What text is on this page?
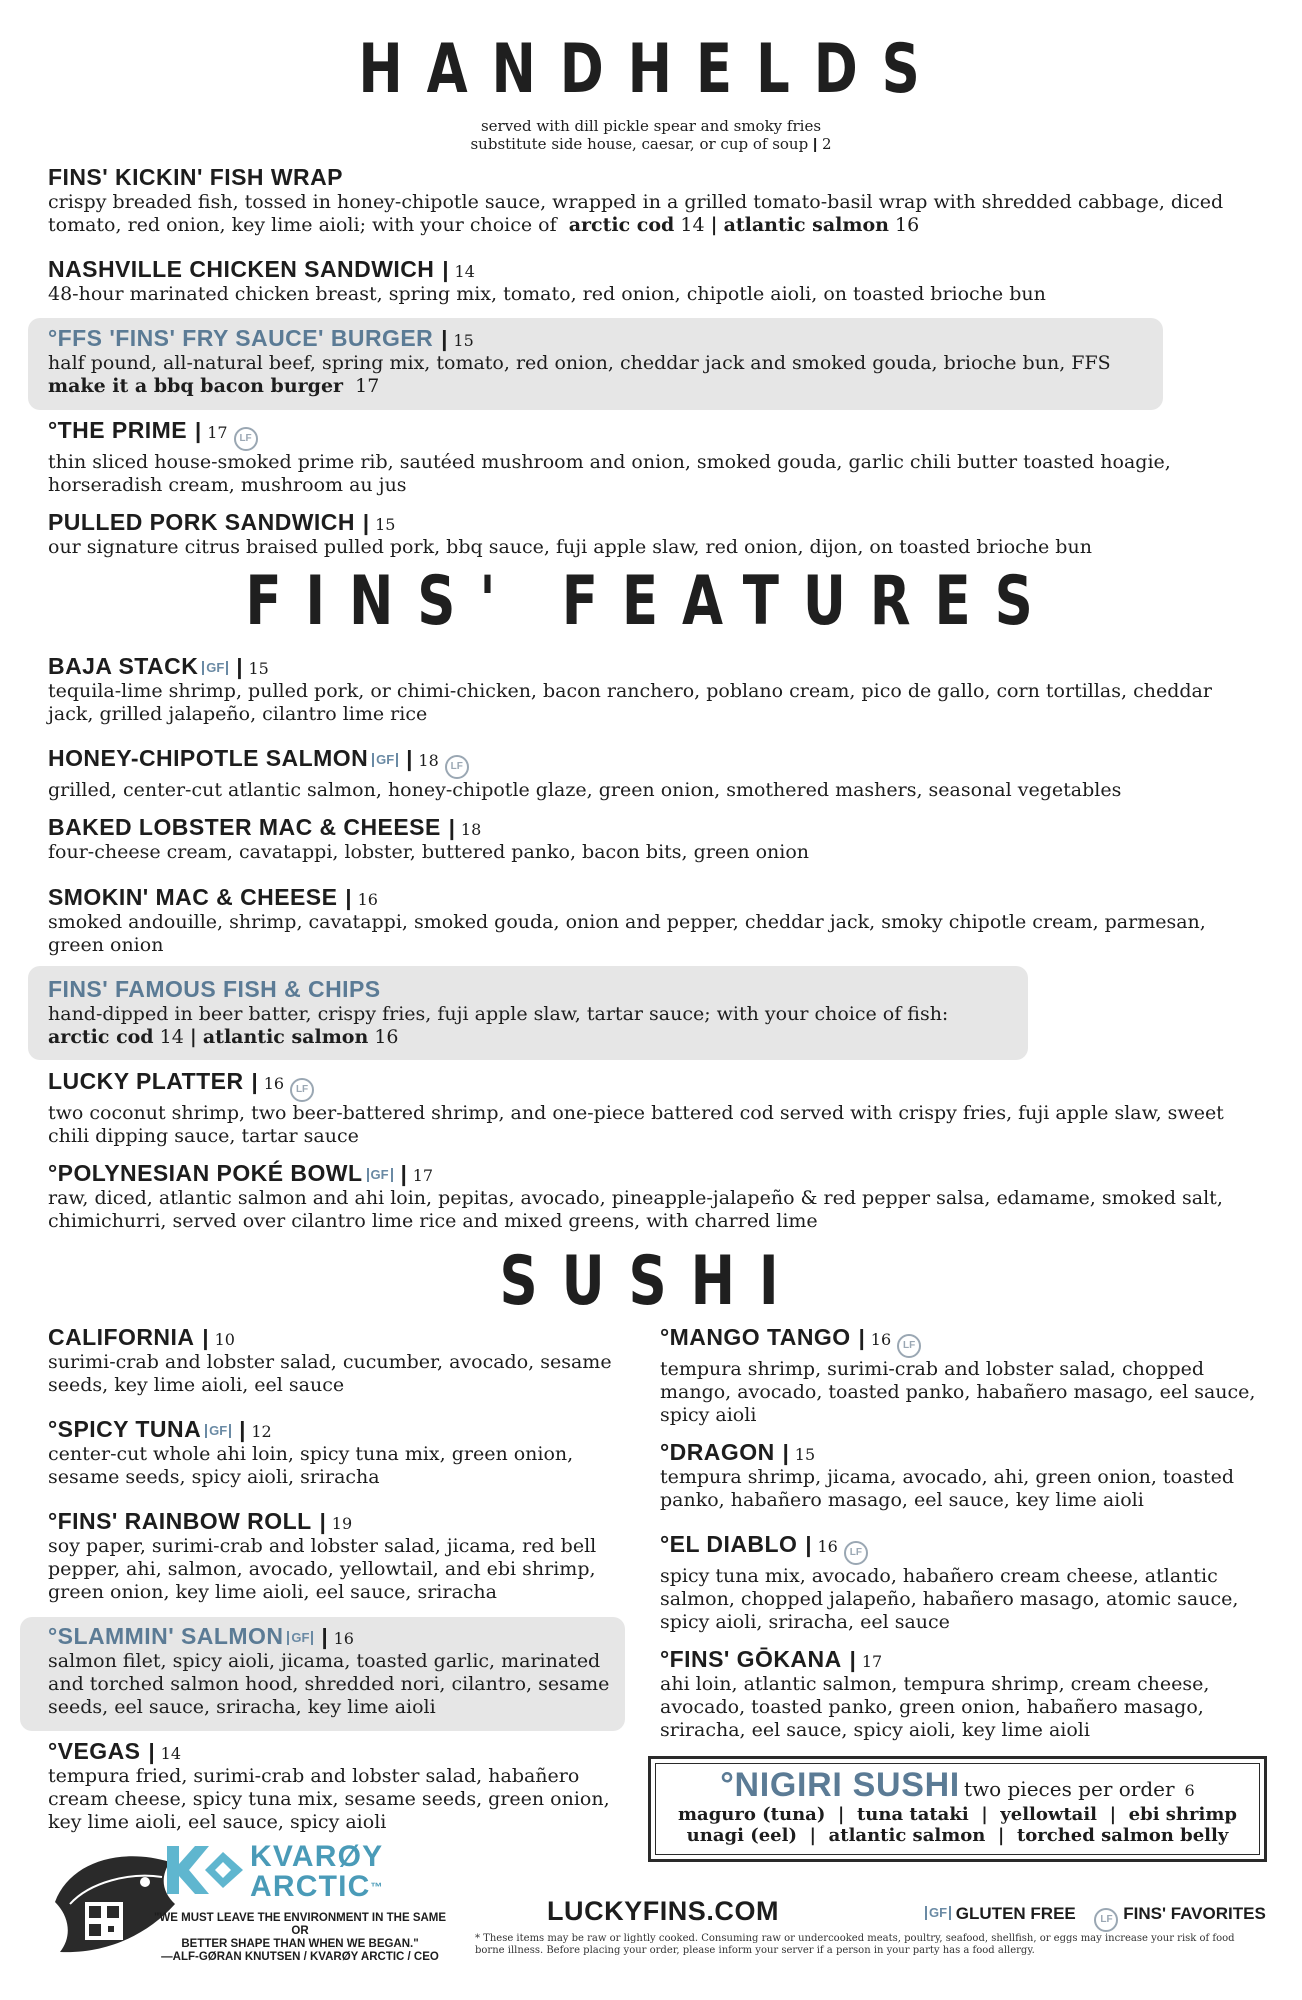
HANDHELDS

served with dill pickle spear and smoky fries

substitute side house, caesar, or cup of soup | 2

FINS' KICKIN' FISH WRAP

crispy breaded fish, tossed in honey-chipotle sauce, wrapped in a grilled tomato-basil wrap with shredded cabbage, diced tomato, red onion, key lime aioli; with your choice of arctic cod 14 | atlantic salmon 16

NASHVILLE CHICKEN SANDWICH | 14

48-hour marinated chicken breast, spring mix, tomato, red onion, chipotle aioli, on toasted brioche bun

°FFS 'FINS' FRY SAUCE' BURGER | 15

half pound, all-natural beef, spring mix, tomato, red onion, cheddar jack and smoked gouda, brioche bun, FFS

make it a bbq bacon burger 17

°THE PRIME | 17 LF

thin sliced house-smoked prime rib, sautéed mushroom and onion, smoked gouda, garlic chili butter toasted hoagie, horseradish cream, mushroom au jus

PULLED PORK SANDWICH | 15

our signature citrus braised pulled pork, bbq sauce, fuji apple slaw, red onion, dijon, on toasted brioche bun

FINS' FEATURES
BAJA STACK GF | 15

tequila-lime shrimp, pulled pork, or chimi-chicken, bacon ranchero, poblano cream, pico de gallo, corn tortillas, cheddar jack, grilled jalapeño, cilantro lime rice

HONEY-CHIPOTLE SALMON GF | 18 LF

grilled, center-cut atlantic salmon, honey-chipotle glaze, green onion, smothered mashers, seasonal vegetables

BAKED LOBSTER MAC & CHEESE | 18

four-cheese cream, cavatappi, lobster, buttered panko, bacon bits, green onion

SMOKIN' MAC & CHEESE | 16

smoked andouille, shrimp, cavatappi, smoked gouda, onion and pepper, cheddar jack, smoky chipotle cream, parmesan, green onion

FINS' FAMOUS FISH & CHIPS

hand-dipped in beer batter, crispy fries, fuji apple slaw, tartar sauce; with your choice of fish:

arctic cod 14 | atlantic salmon 16

LUCKY PLATTER | 16 LF

two coconut shrimp, two beer-battered shrimp, and one-piece battered cod served with crispy fries, fuji apple slaw, sweet chili dipping sauce, tartar sauce

°POLYNESIAN POKÉ BOWL GF | 17

raw, diced, atlantic salmon and ahi loin, pepitas, avocado, pineapple-jalapeño & red pepper salsa, edamame, smoked salt, chimichurri, served over cilantro lime rice and mixed greens, with charred lime

SUSHI
CALIFORNIA | 10

surimi-crab and lobster salad, cucumber, avocado, sesame seeds, key lime aioli, eel sauce

°SPICY TUNA GF | 12

center-cut whole ahi loin, spicy tuna mix, green onion, sesame seeds, spicy aioli, sriracha

°FINS' RAINBOW ROLL | 19

soy paper, surimi-crab and lobster salad, jicama, red bell pepper, ahi, salmon, avocado, yellowtail, and ebi shrimp, green onion, key lime aioli, eel sauce, sriracha

°SLAMMIN' SALMON GF | 16

salmon filet, spicy aioli, jicama, toasted garlic, marinated and torched salmon hood, shredded nori, cilantro, sesame seeds, eel sauce, sriracha, key lime aioli

°VEGAS | 14

tempura fried, surimi-crab and lobster salad, habañero cream cheese, spicy tuna mix, sesame seeds, green onion, key lime aioli, eel sauce, spicy aioli

°MANGO TANGO | 16 LF

tempura shrimp, surimi-crab and lobster salad, chopped mango, avocado, toasted panko, habañero masago, eel sauce, spicy aioli

°DRAGON | 15

tempura shrimp, jicama, avocado, ahi, green onion, toasted panko, habañero masago, eel sauce, key lime aioli

°EL DIABLO | 16 LF

spicy tuna mix, avocado, habañero cream cheese, atlantic salmon, chopped jalapeño, habañero masago, atomic sauce, spicy aioli, sriracha, eel sauce

°FINS' GŌKANA | 17

ahi loin, atlantic salmon, tempura shrimp, cream cheese, avocado, toasted panko, green onion, habañero masago, sriracha, eel sauce, spicy aioli, key lime aioli

°NIGIRI SUSHI two pieces per order 6
maguro (tuna)  |  tuna tataki  |  yellowtail  |  ebi shrimp
unagi (eel)  |  atlantic salmon  |  torched salmon belly
KVARØY
ARCTIC™
"WE MUST LEAVE THE ENVIRONMENT IN THE SAME OR
BETTER SHAPE THAN WHEN WE BEGAN."
—ALF-GØRAN KNUTSEN / KVARØY ARCTIC / CEO
LUCKYFINS.COM	GF GLUTEN FREE LF FINS' FAVORITES

* These items may be raw or lightly cooked. Consuming raw or undercooked meats, poultry, seafood, shellfish, or eggs may increase your risk of food borne illness. Before placing your order, please inform your server if a person in your party has a food allergy.
